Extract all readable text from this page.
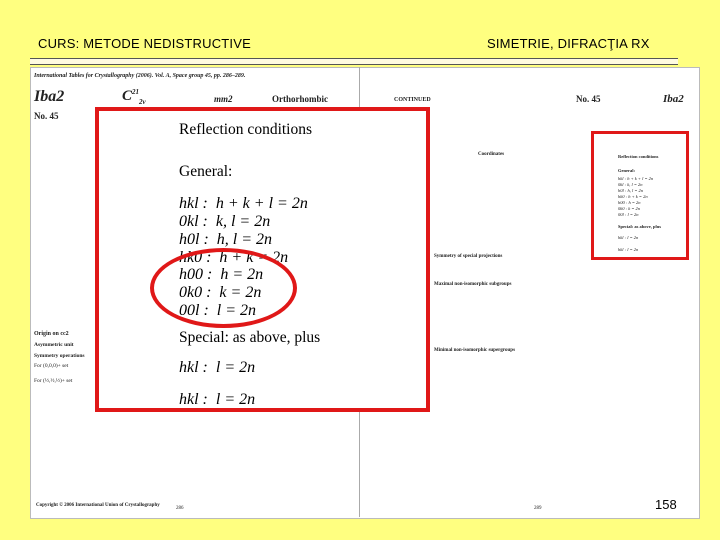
CURS: METODE NEDISTRUCTIVE	SIMETRIE, DIFRACŢIA RX
International Tables for Crystallography (2006). Vol. A, Space group 45, pp. 286–289.
Iba2	$C^{21}_{2v}$	mm2	Orthorhombic
No. 45
Origin on cc2
Asymmetric unit
Symmetry operations
For (0,0,0)+ set
For (½,½,½)+ set
Copyright © 2006 International Union of Crystallography
286
CONTINUED	No. 45	Iba2
Coordinates
Symmetry of special projections
Maximal non-isomorphic subgroups
Minimal non-isomorphic supergroups
289
Reflection conditions
General:
hkl : h + k + l = 2n
0kl : k, l = 2n
h0l : h, l = 2n
hk0 : h + k = 2n
h00 : h = 2n
0k0 : k = 2n
00l : l = 2n
Special: as above, plus
hkl : l = 2n
hkl : l = 2n
Reflection conditions
General:
hkl :  h + k + l = 2n
0kl :  k, l = 2n
h0l :  h, l = 2n
hk0 :  h + k = 2n
h00 :  h = 2n
0k0 :  k = 2n
00l :  l = 2n
Special: as above, plus
hkl :  l = 2n
hkl :  l = 2n
158
